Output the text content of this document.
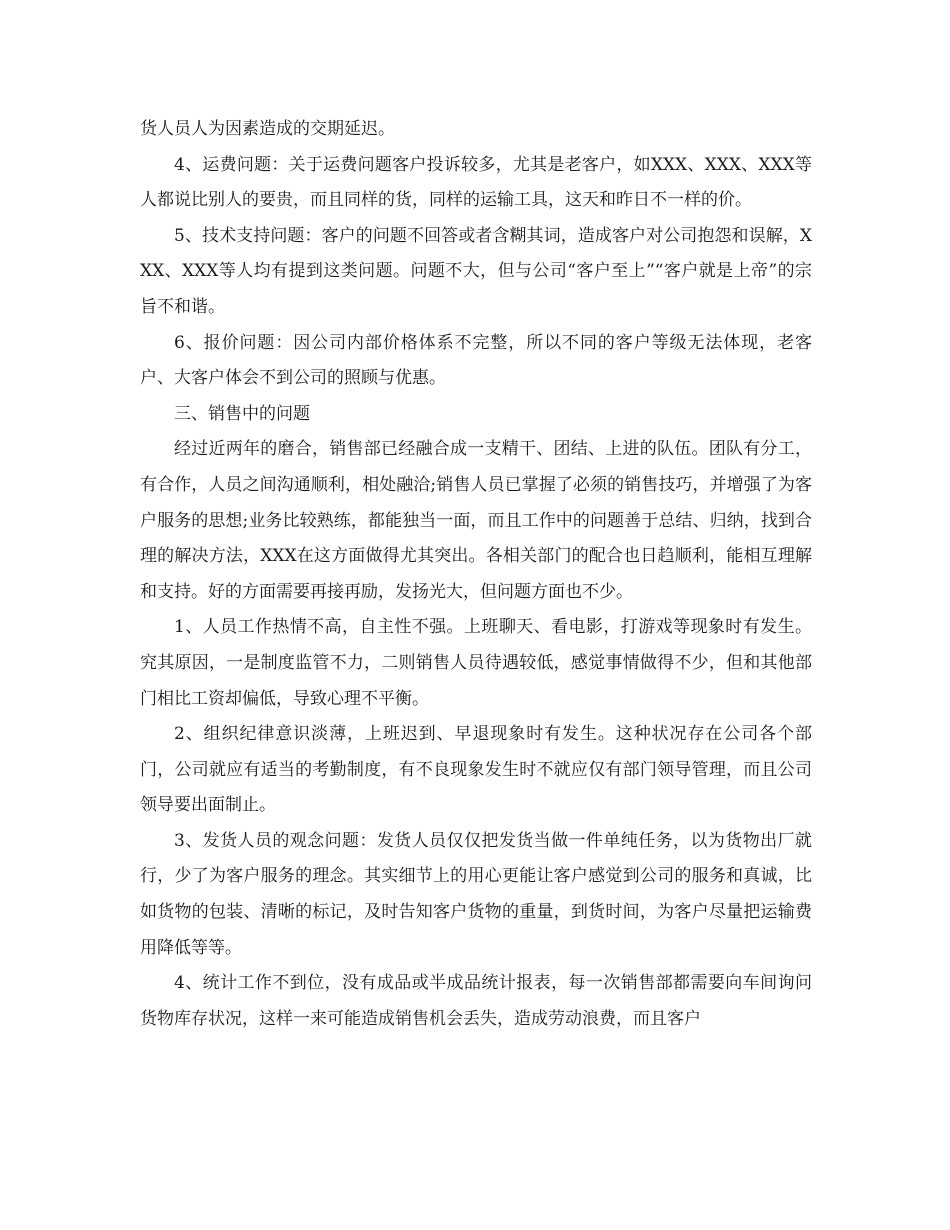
货人员人为因素造成的交期延迟。

4、运费问题：关于运费问题客户投诉较多，尤其是老客户，如XXX、XXX、XXX等人都说比别人的要贵，而且同样的货，同样的运输工具，这天和昨日不一样的价。

5、技术支持问题：客户的问题不回答或者含糊其词，造成客户对公司抱怨和误解，XXX、XXX等人均有提到这类问题。问题不大，但与公司“客户至上”“客户就是上帝”的宗旨不和谐。

6、报价问题：因公司内部价格体系不完整，所以不同的客户等级无法体现，老客户、大客户体会不到公司的照顾与优惠。

三、销售中的问题

经过近两年的磨合，销售部已经融合成一支精干、团结、上进的队伍。团队有分工，有合作，人员之间沟通顺利，相处融洽;销售人员已掌握了必须的销售技巧，并增强了为客户服务的思想;业务比较熟练，都能独当一面，而且工作中的问题善于总结、归纳，找到合理的解决方法，XXX在这方面做得尤其突出。各相关部门的配合也日趋顺利，能相互理解和支持。好的方面需要再接再励，发扬光大，但问题方面也不少。

1、人员工作热情不高，自主性不强。上班聊天、看电影，打游戏等现象时有发生。究其原因，一是制度监管不力，二则销售人员待遇较低，感觉事情做得不少，但和其他部门相比工资却偏低，导致心理不平衡。

2、组织纪律意识淡薄，上班迟到、早退现象时有发生。这种状况存在公司各个部门，公司就应有适当的考勤制度，有不良现象发生时不就应仅有部门领导管理，而且公司领导要出面制止。

3、发货人员的观念问题：发货人员仅仅把发货当做一件单纯任务，以为货物出厂就行，少了为客户服务的理念。其实细节上的用心更能让客户感觉到公司的服务和真诚，比如货物的包装、清晰的标记，及时告知客户货物的重量，到货时间，为客户尽量把运输费用降低等等。

4、统计工作不到位，没有成品或半成品统计报表，每一次销售部都需要向车间询问货物库存状况，这样一来可能造成销售机会丢失，造成劳动浪费，而且客户
